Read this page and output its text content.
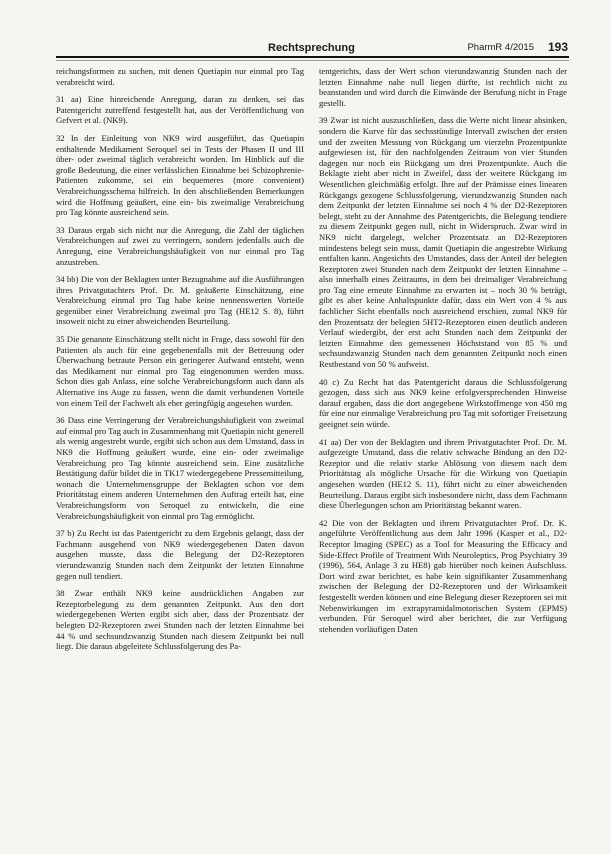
Rechtsprechung	PharmR 4/2015 193

reichungsformen zu suchen, mit denen Quetiapin nur einmal pro Tag verabreicht wird.

31 aa) Eine hinreichende Anregung, daran zu denken, sei das Patentgericht zutreffend festgestellt hat, aus der Veröffentlichung von Gefvert et al. (NK9).

32 In der Einleitung von NK9 wird ausgeführt, das Quetiapin enthaltende Medikament Seroquel sei in Tests der Phasen II und III über- oder zweimal täglich verabreicht worden. Im Hinblick auf die große Bedeutung, die einer verlässlichen Einnahme bei Schizophrenie-Patienten zukomme, sei ein bequemeres (more convenient) Verabreichungsschema hilfreich. In den abschließenden Bemerkungen wird die Hoffnung geäußert, eine ein- bis zweimalige Verabreichung pro Tag könnte ausreichend sein.

33 Daraus ergab sich nicht nur die Anregung, die Zahl der täglichen Verabreichungen auf zwei zu verringern, sondern jedenfalls auch die Anregung, eine Verabreichungshäufigkeit von nur einmal pro Tag anzustreben.

34 bb) Die von der Beklagten unter Bezugnahme auf die Ausführungen ihres Privatgutachters Prof. Dr. M. geäußerte Einschätzung, eine Verabreichung einmal pro Tag habe keine nennenswerten Vorteile gegenüber einer Verabreichung zweimal pro Tag (HE12 S. 8), führt insoweit nicht zu einer abweichenden Beurteilung.

35 Die genannte Einschätzung stellt nicht in Frage, dass sowohl für den Patienten als auch für eine gegebenenfalls mit der Betreuung oder Überwachung betraute Person ein geringerer Aufwand entsteht, wenn das Medikament nur einmal pro Tag eingenommen werden muss. Schon dies gab Anlass, eine solche Verabreichungsform auch dann als Alternative ins Auge zu fassen, wenn die damit verbundenen Vorteile von einem Teil der Fachwelt als eher geringfügig angesehen wurden.

36 Dass eine Verringerung der Verabreichungshäufigkeit von zweimal auf einmal pro Tag auch in Zusammenhang mit Quetiapin nicht generell als wenig angestrebt wurde, ergibt sich schon aus dem Umstand, dass in NK9 die Hoffnung geäußert wurde, eine ein- oder zweimalige Verabreichung pro Tag könnte ausreichend sein. Eine zusätzliche Bestätigung dafür bildet die in TK17 wiedergegebene Pressemitteilung, wonach die Unternehmensgruppe der Beklagten schon vor dem Prioritätstag einem anderen Unternehmen den Auftrag erteilt hat, eine Verabreichungsform von Seroquel zu entwickeln, die eine Verabreichungshäufigkeit von einmal pro Tag ermöglicht.

37 b) Zu Recht ist das Patentgericht zu dem Ergebnis gelangt, dass der Fachmann ausgehend von NK9 wiedergegebenen Daten davon ausgehen musste, dass die Belegung der D2-Rezeptoren vierundzwanzig Stunden nach dem Zeitpunkt der letzten Einnahme gegen null tendiert.

38 Zwar enthält NK9 keine ausdrücklichen Angaben zur Rezeptorbelegung zu dem genannten Zeitpunkt. Aus den dort wiedergegebenen Werten ergibt sich aber, dass der Prozentsatz der belegten D2-Rezeptoren zwei Stunden nach der letzten Einnahme bei 44 % und sechsundzwanzig Stunden nach diesem Zeitpunkt bei null liegt. Die daraus abgeleitete Schlussfolgerung des Pa-

tentgerichts, dass der Wert schon vierundzwanzig Stunden nach der letzten Einnahme nahe null liegen dürfte, ist rechtlich nicht zu beanstanden und wird durch die Einwände der Berufung nicht in Frage gestellt.

39 Zwar ist nicht auszuschließen, dass die Werte nicht linear absinken, sondern die Kurve für das sechsstündige Intervall zwischen der ersten und der zweiten Messung von Rückgang um vierzehn Prozentpunkte aufgewiesen ist, für den nachfolgenden Zeitraum von vier Stunden dagegen nur noch ein Rückgang um drei Prozentpunkte. Auch die Beklagte zieht aber nicht in Zweifel, dass der weitere Rückgang im Wesentlichen gleichmäßig erfolgt. Ihre auf der Prämisse eines linearen Rückgangs gezogene Schlussfolgerung, vierundzwanzig Stunden nach dem Zeitpunkt der letzten Einnahme sei noch 4 % der D2-Rezeptoren belegt, steht zu der Annahme des Patentgerichts, die Belegung tendiere zu diesem Zeitpunkt gegen null, nicht in Widerspruch. Zwar wird in NK9 nicht dargelegt, welcher Prozentsatz an D2-Rezeptoren mindestens belegt sein muss, damit Quetiapin die angestrebte Wirkung entfalten kann. Angesichts des Umstandes, dass der Anteil der belegten Rezeptoren zwei Stunden nach dem Zeitpunkt der letzten Einnahme – also innerhalb eines Zeitraums, in dem bei dreimaliger Verabreichung pro Tag eine erneute Einnahme zu erwarten ist – noch 30 % beträgt, gibt es aber keine Anhaltspunkte dafür, dass ein Wert von 4 % aus fachlicher Sicht ebenfalls noch ausreichend erschien, zumal NK9 für den Prozentsatz der belegten 5HT2-Rezeptoren einen deutlich anderen Verlauf wiedergibt, der erst acht Stunden nach dem Zeitpunkt der letzten Einnahme den gemessenen Höchststand von 85 % und sechsundzwanzig Stunden nach dem genannten Zeitpunkt noch einen Restbestand von 50 % aufweist.

40 c) Zu Recht hat das Patentgericht daraus die Schlussfolgerung gezogen, dass sich aus NK9 keine erfolgversprechenden Hinweise darauf ergaben, dass die dort angegebene Wirkstoffmenge von 450 mg für eine nur einmalige Verabreichung pro Tag mit sofortiger Freisetzung geeignet sein würde.

41 aa) Der von der Beklagten und ihrem Privatgutachter Prof. Dr. M. aufgezeigte Umstand, dass die relativ schwache Bindung an den D2-Rezeptor und die relativ starke Ablösung von diesem nach dem Prioritätstag als mögliche Ursache für die Wirkung von Quetiapin angesehen wurden (HE12 S. 11), führt nicht zu einer abweichenden Beurteilung. Daraus ergibt sich insbesondere nicht, dass dem Fachmann diese Überlegungen schon am Prioritätstag bekannt waren.

42 Die von der Beklagten und ihrem Privatgutachter Prof. Dr. K. angeführte Veröffentlichung aus dem Jahr 1996 (Kasper et al., D2-Receptor Imaging (SPEC) as a Tool for Measuring the Efficacy and Side-Effect Profile of Treatment With Neuroleptics, Prog Psychiatry 39 (1996), 564, Anlage 3 zu HE8) gab hierüber noch keinen Aufschluss. Dort wird zwar berichtet, es habe kein signifikanter Zusammenhang zwischen der Belegung der D2-Rezeptoren und der Wirksamkeit festgestellt werden können und eine Belegung dieser Rezeptoren sei mit Nebenwirkungen im extrapyramidalmotorischen System (EPMS) verbunden. Für Seroquel wird aber berichtet, die zur Verfügung stehenden vorläufigen Daten
